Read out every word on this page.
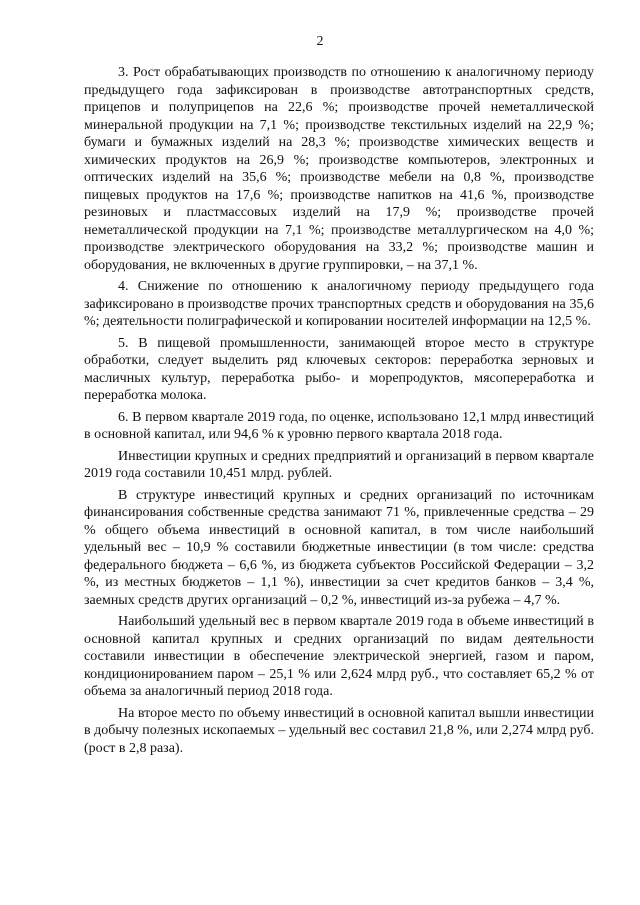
2

3. Рост обрабатывающих производств по отношению к аналогичному периоду предыдущего года зафиксирован в производстве автотранспортных средств, прицепов и полуприцепов на 22,6 %; производстве прочей неметаллической минеральной продукции на 7,1 %; производстве текстильных изделий на 22,9 %; бумаги и бумажных изделий на 28,3 %; производстве химических веществ и химических продуктов на 26,9 %; производстве компьютеров, электронных и оптических изделий на 35,6 %; производстве мебели на 0,8 %, производстве пищевых продуктов на 17,6 %; производстве напитков на 41,6 %, производстве резиновых и пластмассовых изделий на 17,9 %; производстве прочей неметаллической продукции на 7,1 %; производстве металлургическом на 4,0 %; производстве электрического оборудования на 33,2 %; производстве машин и оборудования, не включенных в другие группировки, – на 37,1 %.

4. Снижение по отношению к аналогичному периоду предыдущего года зафиксировано в производстве прочих транспортных средств и оборудования на 35,6 %; деятельности полиграфической и копировании носителей информации на 12,5 %.

5. В пищевой промышленности, занимающей второе место в структуре обработки, следует выделить ряд ключевых секторов: переработка зерновых и масличных культур, переработка рыбо- и морепродуктов, мясопереработка и переработка молока.

6. В первом квартале 2019 года, по оценке, использовано 12,1 млрд инвестиций в основной капитал, или 94,6 % к уровню первого квартала 2018 года.

Инвестиции крупных и средних предприятий и организаций в первом квартале 2019 года составили 10,451 млрд. рублей.

В структуре инвестиций крупных и средних организаций по источникам финансирования собственные средства занимают 71 %, привлеченные средства – 29 % общего объема инвестиций в основной капитал, в том числе наибольший удельный вес – 10,9 % составили бюджетные инвестиции (в том числе: средства федерального бюджета – 6,6 %, из бюджета субъектов Российской Федерации – 3,2 %, из местных бюджетов – 1,1 %), инвестиции за счет кредитов банков – 3,4 %, заемных средств других организаций – 0,2 %, инвестиций из-за рубежа – 4,7 %.

Наибольший удельный вес в первом квартале 2019 года в объеме инвестиций в основной капитал крупных и средних организаций по видам деятельности составили инвестиции в обеспечение электрической энергией, газом и паром, кондиционированием паром – 25,1 % или 2,624 млрд руб., что составляет 65,2 % от объема за аналогичный период 2018 года.

На второе место по объему инвестиций в основной капитал вышли инвестиции в добычу полезных ископаемых – удельный вес составил 21,8 %, или 2,274 млрд руб. (рост в 2,8 раза).
